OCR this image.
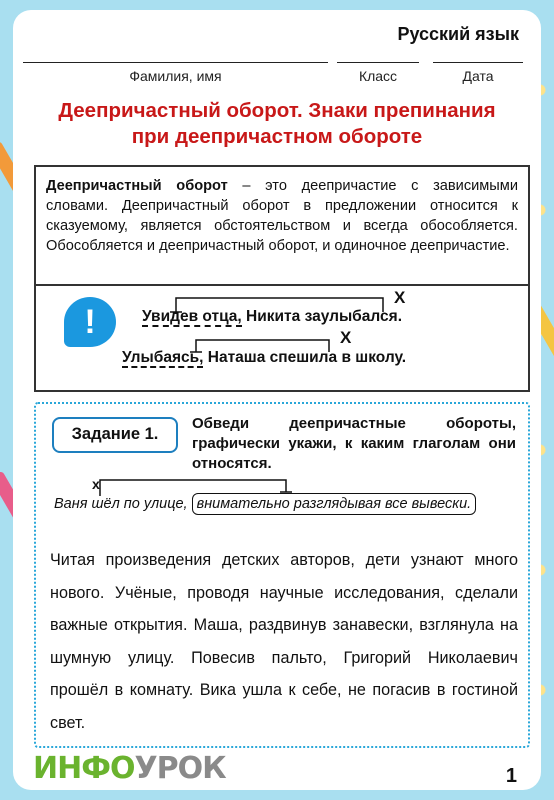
Русский язык
Фамилия, имя	Класс	Дата
Деепричастный оборот. Знаки препинания
при деепричастном обороте
Деепричастный оборот – это деепричастие с зависимыми словами. Деепричастный оборот в предложении относится к сказуемому, является обстоятельством и всегда обособляется. Обособляется и деепричастный оборот, и одиночное деепричастие.
!	Увидев отца, Никита заулыбался.
Улыбаясь, Наташа спешила в школу.
Х
Х
Задание 1.
Обведи деепричастные обороты, графически укажи, к каким глаголам они относятся.
х
Ваня шёл по улице, внимательно разглядывая все вывески.
Читая произведения детских авторов, дети узнают много нового. Учёные, проводя научные исследования, сделали важные открытия. Маша, раздвинув занавески, взглянула на шумную улицу. Повесив пальто, Григорий Николаевич прошёл в комнату. Вика ушла к себе, не погасив в гостиной свет.
ИНФОУРОК	1
